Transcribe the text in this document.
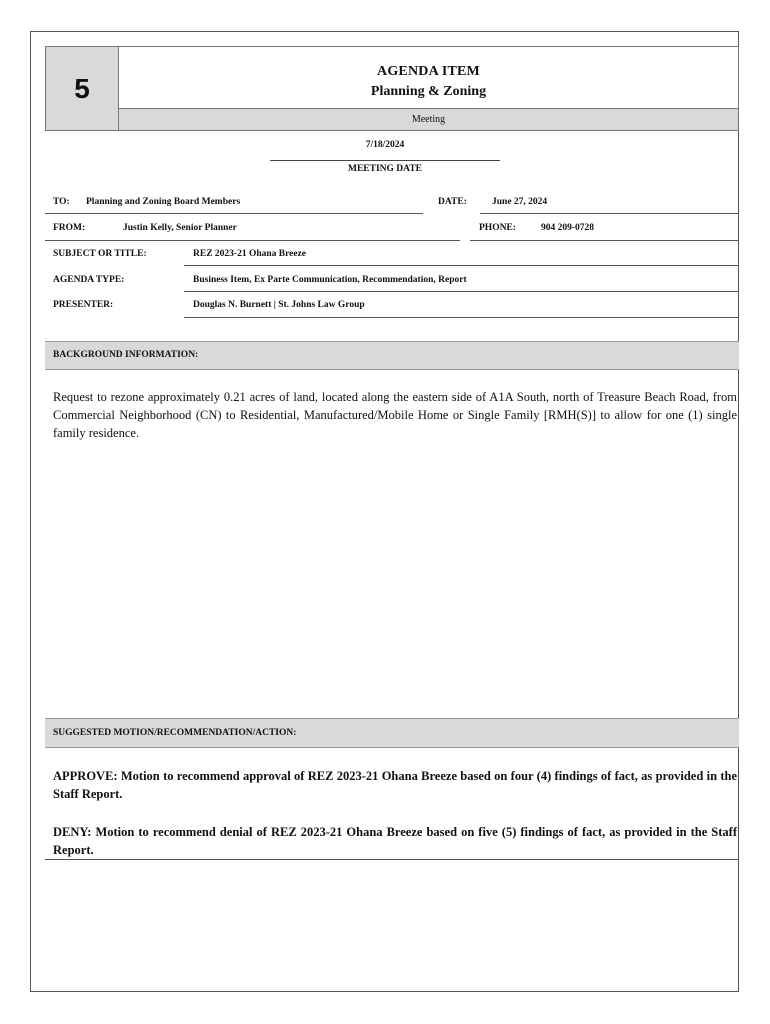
5
AGENDA ITEM
Planning & Zoning
Meeting
7/18/2024
MEETING DATE
TO: Planning and Zoning Board Members	DATE:	June 27, 2024
FROM:	Justin Kelly, Senior Planner	PHONE:	904 209-0728
SUBJECT OR TITLE:	REZ 2023-21 Ohana Breeze
AGENDA TYPE:	Business Item, Ex Parte Communication, Recommendation, Report
PRESENTER:	Douglas N. Burnett | St. Johns Law Group
BACKGROUND INFORMATION:
Request to rezone approximately 0.21 acres of land, located along the eastern side of A1A South, north of Treasure Beach Road, from Commercial Neighborhood (CN) to Residential, Manufactured/Mobile Home or Single Family [RMH(S)] to allow for one (1) single family residence.
SUGGESTED MOTION/RECOMMENDATION/ACTION:
APPROVE: Motion to recommend approval of REZ 2023-21 Ohana Breeze based on four (4) findings of fact, as provided in the Staff Report.
DENY: Motion to recommend denial of REZ 2023-21 Ohana Breeze based on five (5) findings of fact, as provided in the Staff Report.
